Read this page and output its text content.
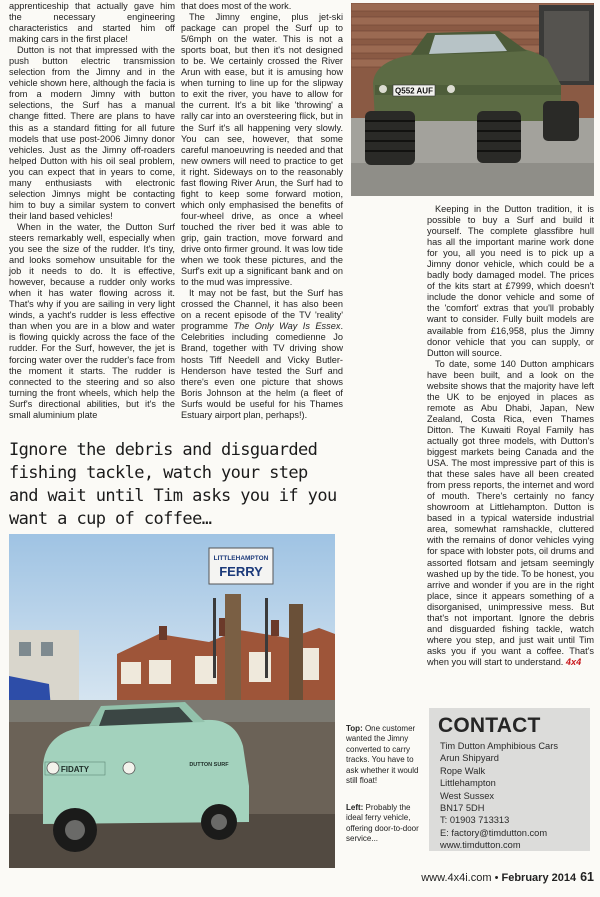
apprenticeship that actually gave him the necessary engineering characteristics and started him off making cars in the first place!

Dutton is not that impressed with the push button electric transmission selection from the Jimny and in the vehicle shown here, although the facia is from a modern Jimny with button selections, the Surf has a manual change fitted. There are plans to have this as a standard fitting for all future models that use post-2006 Jimny donor vehicles. Just as the Jimny off-roaders helped Dutton with his oil seal problem, you can expect that in years to come, many enthusiasts with electronic selection Jimnys might be contacting him to buy a similar system to convert their land based vehicles!

When in the water, the Dutton Surf steers remarkably well, especially when you see the size of the rudder. It's tiny, and looks somehow unsuitable for the job it needs to do. It is effective, however, because a rudder only works when it has water flowing across it. That's why if you are sailing in very light winds, a yacht's rudder is less effective than when you are in a blow and water is flowing quickly across the face of the rudder. For the Surf, however, the jet is forcing water over the rudder's face from the moment it starts. The rudder is connected to the steering and so also turning the front wheels, which help the Surf's directional abilities, but it's the small aluminium plate

that does most of the work.

The Jimny engine, plus jet-ski package can propel the Surf up to 5/6mph on the water. This is not a sports boat, but then it's not designed to be. We certainly crossed the River Arun with ease, but it is amusing how when turning to line up for the slipway to exit the river, you have to allow for the current. It's a bit like 'throwing' a rally car into an oversteering flick, but in the Surf it's all happening very slowly. You can see, however, that some careful manoeuvring is needed and that new owners will need to practice to get it right. Sideways on to the reasonably fast flowing River Arun, the Surf had to fight to keep some forward motion, which only emphasised the benefits of four-wheel drive, as once a wheel touched the river bed it was able to grip, gain traction, move forward and drive onto firmer ground. It was low tide when we took these pictures, and the Surf's exit up a significant bank and on to the mud was impressive.

It may not be fast, but the Surf has crossed the Channel, it has also been on a recent episode of the TV 'reality' programme The Only Way Is Essex. Celebrities including comedienne Jo Brand, together with TV driving show hosts Tiff Needell and Vicky Butler-Henderson have tested the Surf and there's even one picture that shows Boris Johnson at the helm (a fleet of Surfs would be useful for his Thames Estuary airport plan, perhaps!).

Q552 AUF

Keeping in the Dutton tradition, it is possible to buy a Surf and build it yourself. The complete glassfibre hull has all the important marine work done for you, all you need is to pick up a Jimny donor vehicle, which could be a badly body damaged model. The prices of the kits start at £7999, which doesn't include the donor vehicle and some of the 'comfort' extras that you'll probably want to consider. Fully built models are available from £16,958, plus the Jimny donor vehicle that you can supply, or Dutton will source.

To date, some 140 Dutton amphicars have been built, and a look on the website shows that the majority have left the UK to be enjoyed in places as remote as Abu Dhabi, Japan, New Zealand, Costa Rica, even Thames Ditton. The Kuwaiti Royal Family has actually got three models, with Dutton's biggest markets being Canada and the USA. The most impressive part of this is that these sales have all been created from press reports, the internet and word of mouth. There's certainly no fancy showroom at Littlehampton. Dutton is based in a typical waterside industrial area, somewhat ramshackle, cluttered with the remains of donor vehicles vying for space with lobster pots, oil drums and assorted flotsam and jetsam seemingly washed up by the tide. To be honest, you arrive and wonder if you are in the right place, since it appears something of a disorganised, unimpressive mess. But that's not important. Ignore the debris and disguarded fishing tackle, watch where you step, and just wait until Tim asks you if you want a coffee. That's when you will start to understand. 4x4

Ignore the debris and disguarded fishing tackle, watch your step and wait until Tim asks you if you want a cup of coffee…
LITTLEHAMPTON
FERRY
FIDATY	DUTTON SURF
Top: One customer wanted the Jimny converted to carry tracks. You have to ask whether it would still float!
Left: Probably the ideal ferry vehicle, offering door-to-door service...
CONTACT
Tim Dutton Amphibious Cars
Arun Shipyard
Rope Walk
Littlehampton
West Sussex
BN17 5DH
T: 01903 713313
E: factory@timdutton.com
www.timdutton.com
www.4x4i.com • February 2014 61
